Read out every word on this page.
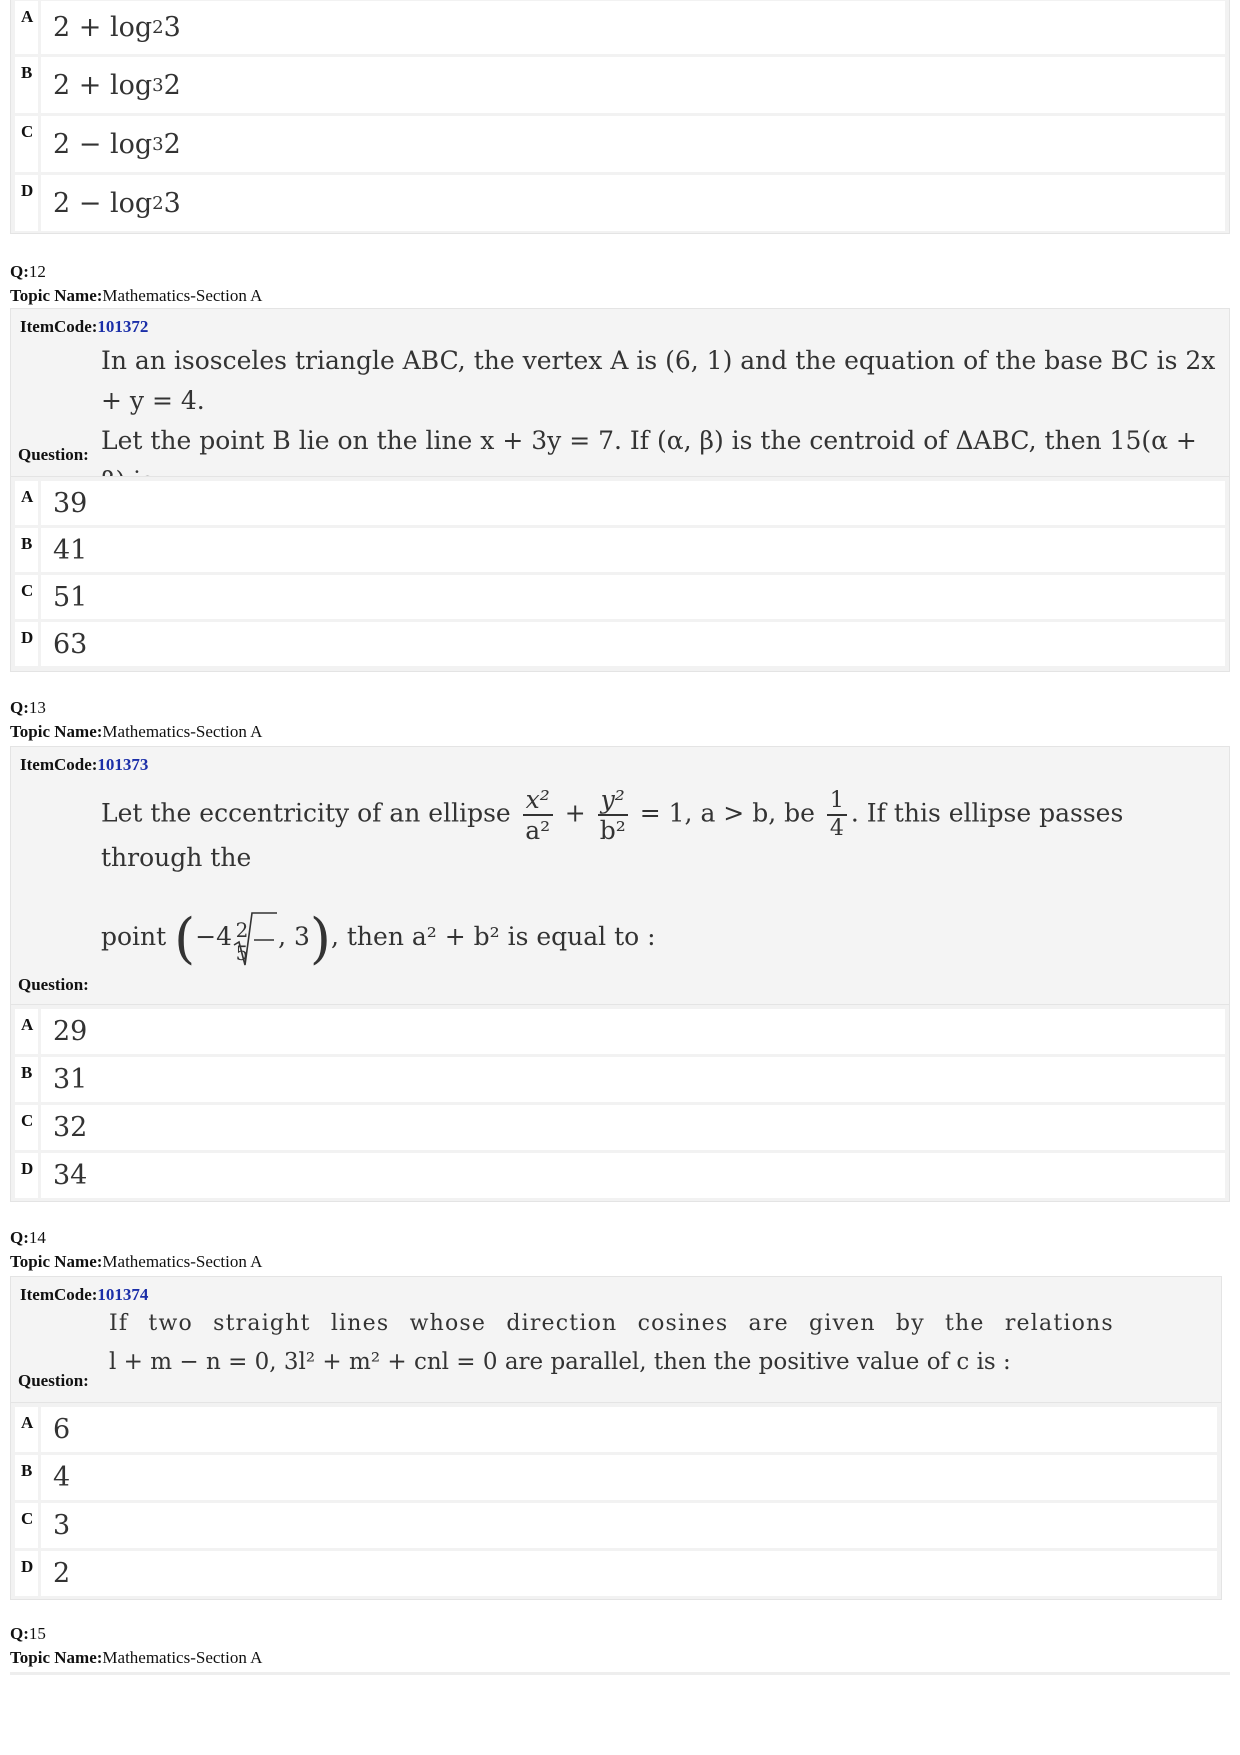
A 2 + log 2 3
B 2 + log 3 2
C 2 − log 3 2
D 2 − log 2 3
Q:12
Topic Name:Mathematics-Section A
ItemCode:101372
In an isosceles triangle ABC, the vertex A is (6, 1) and the equation of the base BC is 2x + y = 4.
Let the point B lie on the line x + 3y = 7. If (α, β) is the centroid of ΔABC, then 15(α +
Question:
A 39
B 41
C 51
D 63
Q:13
Topic Name:Mathematics-Section A
ItemCode:101373
Let the eccentricity of an ellipse $\frac{\text{x²}}{\text{a²}} + \frac{\text{y²}}{\text{b²}} = 1$, a > b, be $\frac{1}{4}$ . If this ellipse passes through the
point (−4 , 3), then a² + b² is equal to :
2
5
Question:
A 29
B 31
C 32
D 34
Q:14
Topic Name:Mathematics-Section A
ItemCode:101374
If two straight lines whose direction cosines are given by the relations
l + m − n = 0, 3l² + m² + cnl = 0 are parallel, then the positive value of c is :
Question:
A 6
B 4
C 3
D 2
Q:15
Topic Name:Mathematics-Section A
